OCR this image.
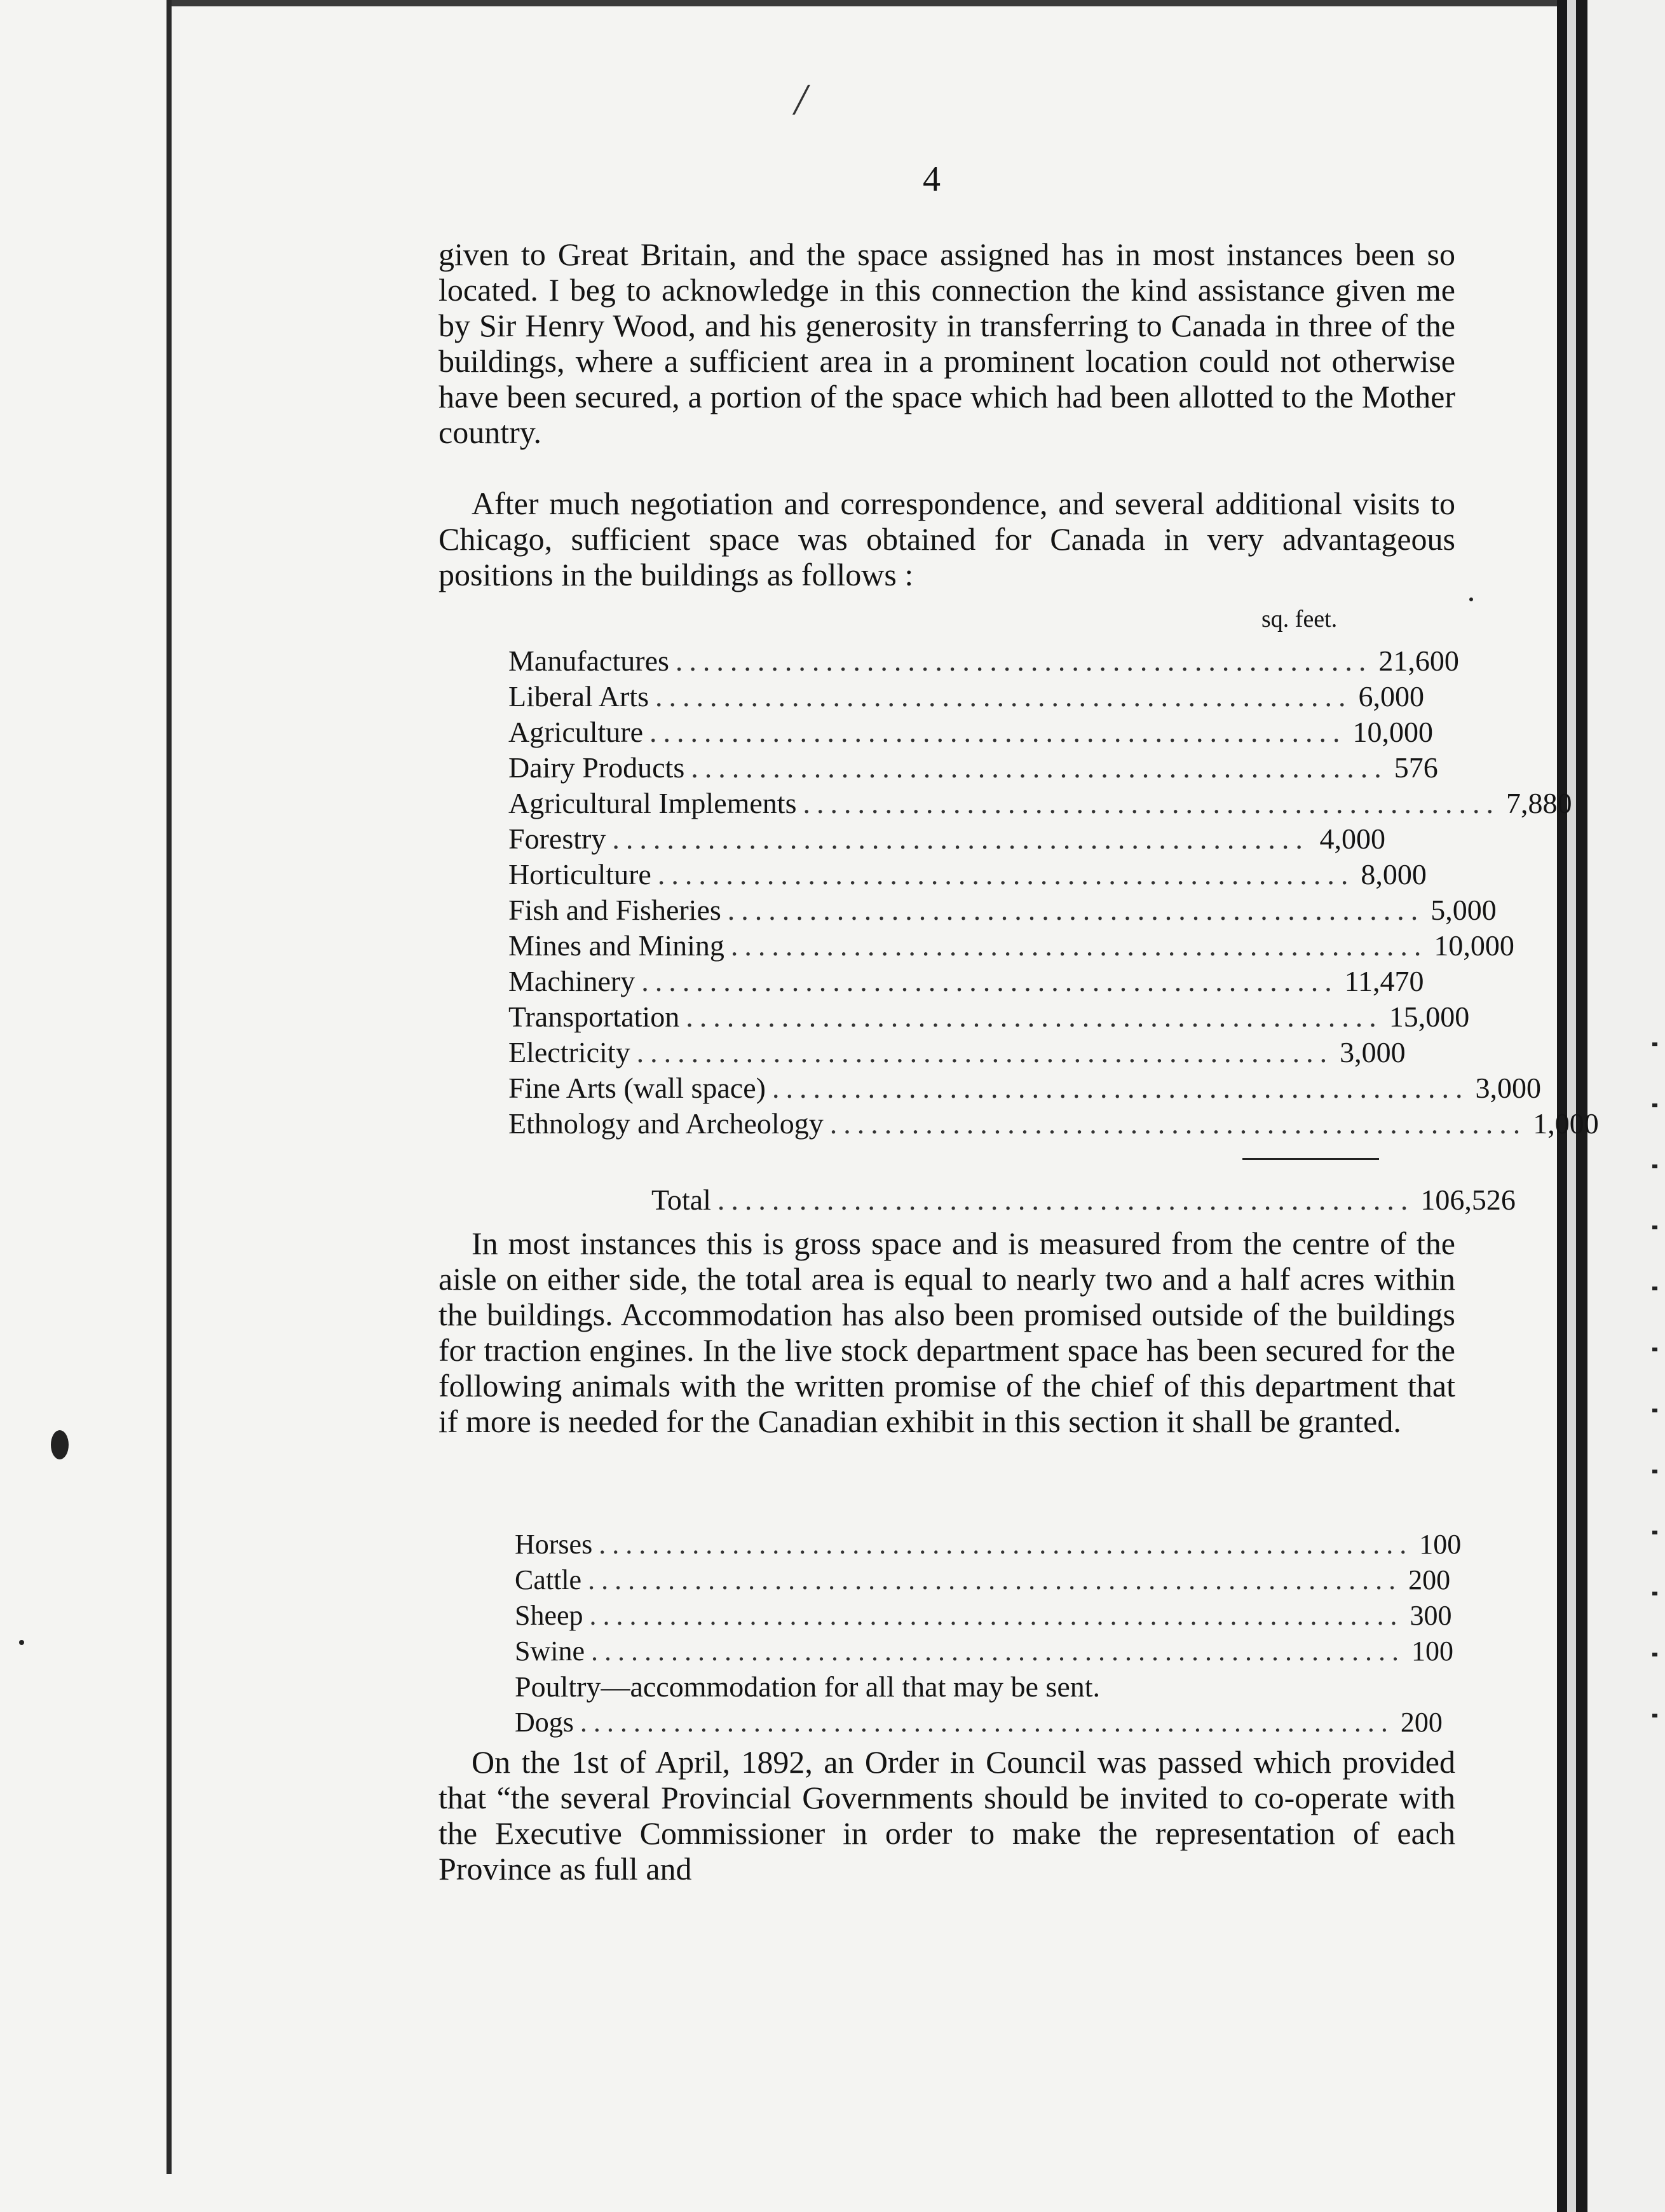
/
4

given to Great Britain, and the space assigned has in most instances been so located. I beg to acknowledge in this connection the kind assistance given me by Sir Henry Wood, and his generosity in transferring to Canada in three of the buildings, where a sufficient area in a prominent location could not otherwise have been secured, a portion of the space which had been allotted to the Mother country.

After much negotiation and correspondence, and several additional visits to Chicago, sufficient space was obtained for Canada in very advantageous positions in the buildings as follows :

sq. feet.
Manufactures ................................................... 21,600
Liberal Arts ................................................... 6,000
Agriculture ................................................... 10,000
Dairy Products ................................................... 576
Agricultural Implements ................................................... 7,880
Forestry ................................................... 4,000
Horticulture ................................................... 8,000
Fish and Fisheries ................................................... 5,000
Mines and Mining ................................................... 10,000
Machinery ................................................... 11,470
Transportation ................................................... 15,000
Electricity ................................................... 3,000
Fine Arts (wall space) ................................................... 3,000
Ethnology and Archeology ................................................... 1,000
Total ................................................... 106,526

In most instances this is gross space and is measured from the centre of the aisle on either side, the total area is equal to nearly two and a half acres within the buildings. Accommodation has also been promised outside of the buildings for traction engines. In the live stock department space has been secured for the following animals with the written promise of the chief of this department that if more is needed for the Canadian exhibit in this section it shall be granted.

Horses ............................................................. 100
Cattle ............................................................. 200
Sheep ............................................................. 300
Swine ............................................................. 100
Poultry—accommodation for all that may be sent.
Dogs ............................................................. 200

On the 1st of April, 1892, an Order in Council was passed which provided that “the several Provincial Governments should be invited to co-operate with the Executive Commissioner in order to make the representation of each Province as full and
